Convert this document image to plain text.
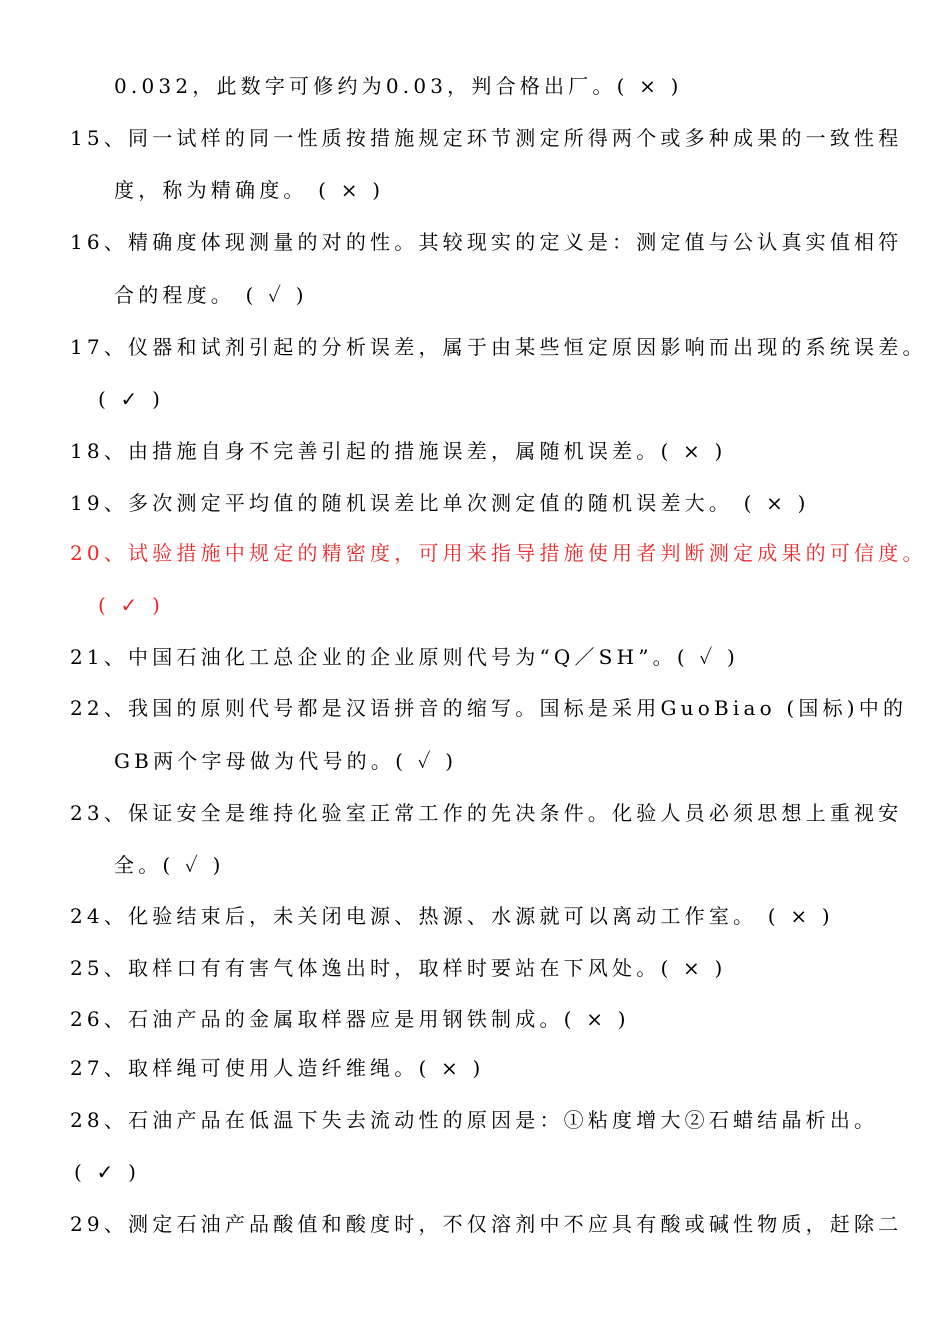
0.032，此数字可修约为0.03，判合格出厂。( × )
15、同一试样的同一性质按措施规定环节测定所得两个或多种成果的一致性程
度，称为精确度。 ( × )
16、精确度体现测量的对的性。其较现实的定义是：测定值与公认真实值相符
合的程度。 ( ✓ )
17、仪器和试剂引起的分析误差，属于由某些恒定原因影响而出现的系统误差。
( ✓ )
18、由措施自身不完善引起的措施误差，属随机误差。( × )
19、多次测定平均值的随机误差比单次测定值的随机误差大。 ( × )
20、试验措施中规定的精密度，可用来指导措施使用者判断测定成果的可信度。
( ✓ )
21、中国石油化工总企业的企业原则代号为“Q／SH”。( ✓ )
22、我国的原则代号都是汉语拼音的缩写。国标是采用GuoBiao (国标)中的
GB两个字母做为代号的。( ✓ )
23、保证安全是维持化验室正常工作的先决条件。化验人员必须思想上重视安
全。( ✓ )
24、化验结束后，未关闭电源、热源、水源就可以离动工作室。 ( × )
25、取样口有有害气体逸出时，取样时要站在下风处。( × )
26、石油产品的金属取样器应是用钢铁制成。( × )
27、取样绳可使用人造纤维绳。( × )
28、石油产品在低温下失去流动性的原因是：①粘度增大②石蜡结晶析出。
( ✓ )
29、测定石油产品酸值和酸度时，不仅溶剂中不应具有酸或碱性物质，赶除二
